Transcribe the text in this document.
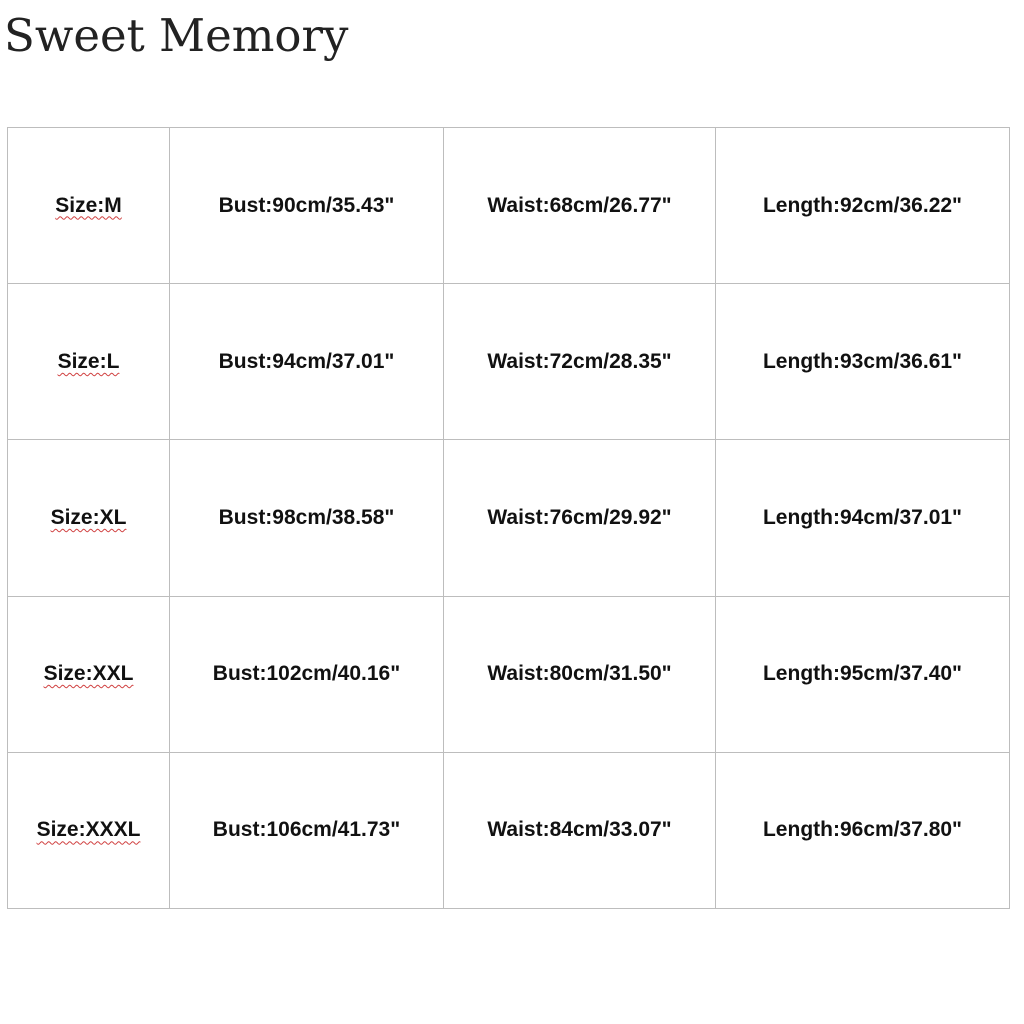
Sweet Memory
Size:M	Bust:90cm/35.43"	Waist:68cm/26.77"	Length:92cm/36.22"
Size:L	Bust:94cm/37.01"	Waist:72cm/28.35"	Length:93cm/36.61"
Size:XL	Bust:98cm/38.58"	Waist:76cm/29.92"	Length:94cm/37.01"
Size:XXL	Bust:102cm/40.16"	Waist:80cm/31.50"	Length:95cm/37.40"
Size:XXXL	Bust:106cm/41.73"	Waist:84cm/33.07"	Length:96cm/37.80"
